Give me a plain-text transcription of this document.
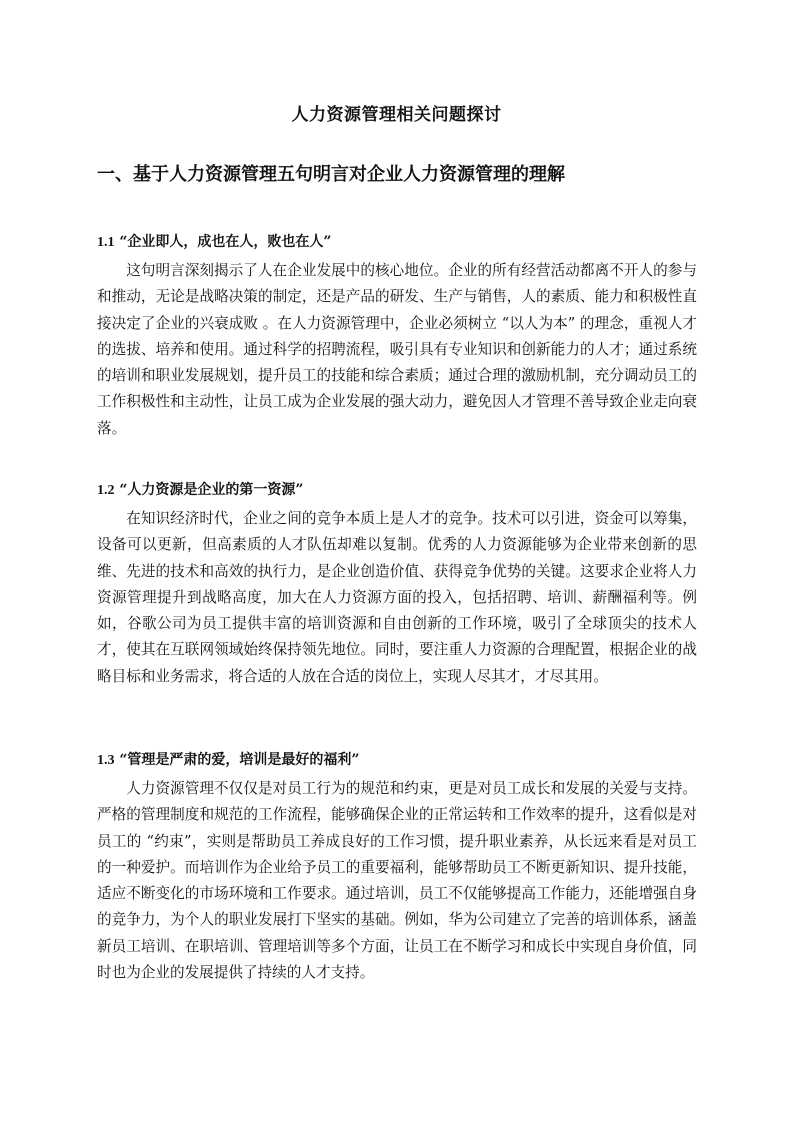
人力资源管理相关问题探讨
一、基于人力资源管理五句明言对企业人力资源管理的理解
1.1 “企业即人，成也在人，败也在人”

这句明言深刻揭示了人在企业发展中的核心地位。企业的所有经营活动都离不开人的参与和推动，无论是战略决策的制定，还是产品的研发、生产与销售，人的素质、能力和积极性直接决定了企业的兴衰成败 。在人力资源管理中，企业必须树立 “以人为本” 的理念，重视人才的选拔、培养和使用。通过科学的招聘流程，吸引具有专业知识和创新能力的人才；通过系统的培训和职业发展规划，提升员工的技能和综合素质；通过合理的激励机制，充分调动员工的工作积极性和主动性，让员工成为企业发展的强大动力，避免因人才管理不善导致企业走向衰落。

1.2 “人力资源是企业的第一资源”

在知识经济时代，企业之间的竞争本质上是人才的竞争。技术可以引进，资金可以筹集，设备可以更新，但高素质的人才队伍却难以复制。优秀的人力资源能够为企业带来创新的思维、先进的技术和高效的执行力，是企业创造价值、获得竞争优势的关键。这要求企业将人力资源管理提升到战略高度，加大在人力资源方面的投入，包括招聘、培训、薪酬福利等。例如，谷歌公司为员工提供丰富的培训资源和自由创新的工作环境，吸引了全球顶尖的技术人才，使其在互联网领域始终保持领先地位。同时，要注重人力资源的合理配置，根据企业的战略目标和业务需求，将合适的人放在合适的岗位上，实现人尽其才，才尽其用。

1.3 “管理是严肃的爱，培训是最好的福利”

人力资源管理不仅仅是对员工行为的规范和约束，更是对员工成长和发展的关爱与支持。严格的管理制度和规范的工作流程，能够确保企业的正常运转和工作效率的提升，这看似是对员工的 “约束”，实则是帮助员工养成良好的工作习惯，提升职业素养，从长远来看是对员工的一种爱护。而培训作为企业给予员工的重要福利，能够帮助员工不断更新知识、提升技能，适应不断变化的市场环境和工作要求。通过培训，员工不仅能够提高工作能力，还能增强自身的竞争力，为个人的职业发展打下坚实的基础。例如，华为公司建立了完善的培训体系，涵盖新员工培训、在职培训、管理培训等多个方面，让员工在不断学习和成长中实现自身价值，同时也为企业的发展提供了持续的人才支持。
